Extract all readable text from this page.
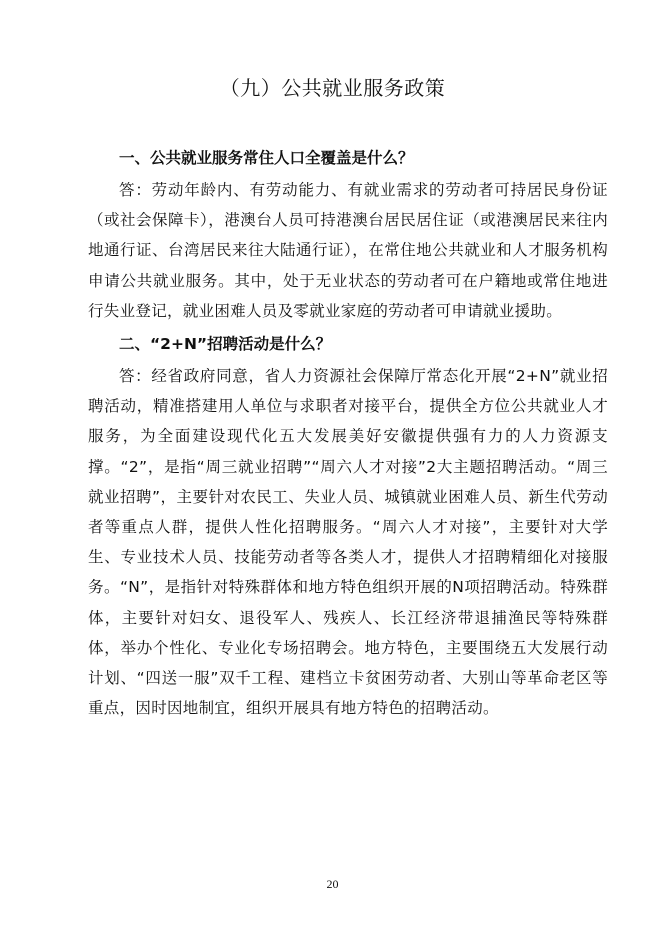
（九）公共就业服务政策

一、公共就业服务常住人口全覆盖是什么？

答：劳动年龄内、有劳动能力、有就业需求的劳动者可持居民身份证（或社会保障卡），港澳台人员可持港澳台居民居住证（或港澳居民来往内地通行证、台湾居民来往大陆通行证），在常住地公共就业和人才服务机构申请公共就业服务。其中，处于无业状态的劳动者可在户籍地或常住地进行失业登记，就业困难人员及零就业家庭的劳动者可申请就业援助。

二、“2+N”招聘活动是什么？

答：经省政府同意，省人力资源社会保障厅常态化开展“2+N”就业招聘活动，精准搭建用人单位与求职者对接平台，提供全方位公共就业人才服务，为全面建设现代化五大发展美好安徽提供强有力的人力资源支撑。“2”，是指“周三就业招聘”“周六人才对接”2大主题招聘活动。“周三就业招聘”，主要针对农民工、失业人员、城镇就业困难人员、新生代劳动者等重点人群，提供人性化招聘服务。“周六人才对接”，主要针对大学生、专业技术人员、技能劳动者等各类人才，提供人才招聘精细化对接服务。“N”，是指针对特殊群体和地方特色组织开展的N项招聘活动。特殊群体，主要针对妇女、退役军人、残疾人、长江经济带退捕渔民等特殊群体，举办个性化、专业化专场招聘会。地方特色，主要围绕五大发展行动计划、“四送一服”双千工程、建档立卡贫困劳动者、大别山等革命老区等重点，因时因地制宜，组织开展具有地方特色的招聘活动。

20
